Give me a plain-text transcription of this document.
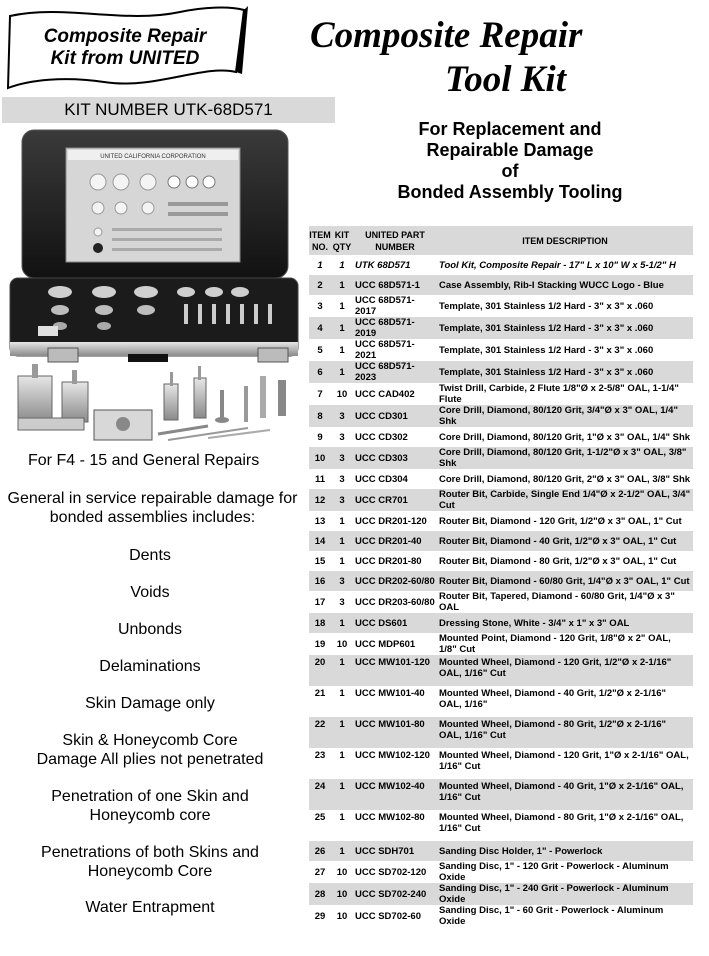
Composite Repair
Kit from UNITED
Composite Repair
Tool Kit
KIT NUMBER UTK-68D571
UNITED CALIFORNIA CORPORATION
For Replacement and
Repairable Damage
of
Bonded Assembly Tooling
For F4 - 15 and General Repairs
General in service repairable damage for bonded assemblies includes:
Dents
Voids
Unbonds
Delaminations
Skin Damage only
Skin & Honeycomb Core Damage All plies not penetrated
Penetration of one Skin and Honeycomb core
Penetrations of both Skins and Honeycomb Core
Water Entrapment
ITEM NO.	KIT QTY	UNITED PART NUMBER	ITEM DESCRIPTION
1	1	UTK 68D571	Tool Kit, Composite Repair - 17" L x 10" W x 5-1/2" H
2	1	UCC 68D571-1	Case Assembly, Rib-I Stacking WUCC Logo - Blue
3	1	UCC 68D571-2017	Template, 301 Stainless 1/2 Hard - 3" x 3" x .060
4	1	UCC 68D571-2019	Template, 301 Stainless 1/2 Hard - 3" x 3" x .060
5	1	UCC 68D571-2021	Template, 301 Stainless 1/2 Hard - 3" x 3" x .060
6	1	UCC 68D571-2023	Template, 301 Stainless 1/2 Hard - 3" x 3" x .060
7	10	UCC CAD402	Twist Drill, Carbide, 2 Flute 1/8"Ø x 2-5/8" OAL, 1-1/4" Flute
8	3	UCC CD301	Core Drill, Diamond, 80/120 Grit, 3/4"Ø x 3" OAL, 1/4" Shk
9	3	UCC CD302	Core Drill, Diamond, 80/120 Grit, 1"Ø x 3" OAL, 1/4" Shk
10	3	UCC CD303	Core Drill, Diamond, 80/120 Grit, 1-1/2"Ø x 3" OAL, 3/8" Shk
11	3	UCC CD304	Core Drill, Diamond, 80/120 Grit, 2"Ø x 3" OAL, 3/8" Shk
12	3	UCC CR701	Router Bit, Carbide, Single End 1/4"Ø x 2-1/2" OAL, 3/4" Cut
13	1	UCC DR201-120	Router Bit, Diamond - 120 Grit, 1/2"Ø x 3" OAL, 1" Cut
14	1	UCC DR201-40	Router Bit, Diamond - 40 Grit, 1/2"Ø x 3" OAL, 1" Cut
15	1	UCC DR201-80	Router Bit, Diamond - 80 Grit, 1/2"Ø x 3" OAL, 1" Cut
16	3	UCC DR202-60/80	Router Bit, Diamond - 60/80 Grit, 1/4"Ø x 3" OAL, 1" Cut
17	3	UCC DR203-60/80	Router Bit, Tapered, Diamond - 60/80 Grit, 1/4"Ø x 3" OAL
18	1	UCC DS601	Dressing Stone, White - 3/4" x 1" x 3" OAL
19	10	UCC MDP601	Mounted Point, Diamond - 120 Grit, 1/8"Ø x 2" OAL, 1/8" Cut
20	1	UCC MW101-120	Mounted Wheel, Diamond - 120 Grit, 1/2"Ø x 2-1/16" OAL, 1/16" Cut
21	1	UCC MW101-40	Mounted Wheel, Diamond - 40 Grit, 1/2"Ø x 2-1/16" OAL, 1/16"
22	1	UCC MW101-80	Mounted Wheel, Diamond - 80 Grit, 1/2"Ø x 2-1/16" OAL, 1/16" Cut
23	1	UCC MW102-120	Mounted Wheel, Diamond - 120 Grit, 1"Ø x 2-1/16" OAL, 1/16" Cut
24	1	UCC MW102-40	Mounted Wheel, Diamond - 40 Grit, 1"Ø x 2-1/16" OAL, 1/16" Cut
25	1	UCC MW102-80	Mounted Wheel, Diamond - 80 Grit, 1"Ø x 2-1/16" OAL, 1/16" Cut
26	1	UCC SDH701	Sanding Disc Holder, 1" - Powerlock
27	10	UCC SD702-120	Sanding Disc, 1" - 120 Grit - Powerlock - Aluminum Oxide
28	10	UCC SD702-240	Sanding Disc, 1" - 240 Grit - Powerlock - Aluminum Oxide
29	10	UCC SD702-60	Sanding Disc, 1" - 60 Grit - Powerlock - Aluminum Oxide
